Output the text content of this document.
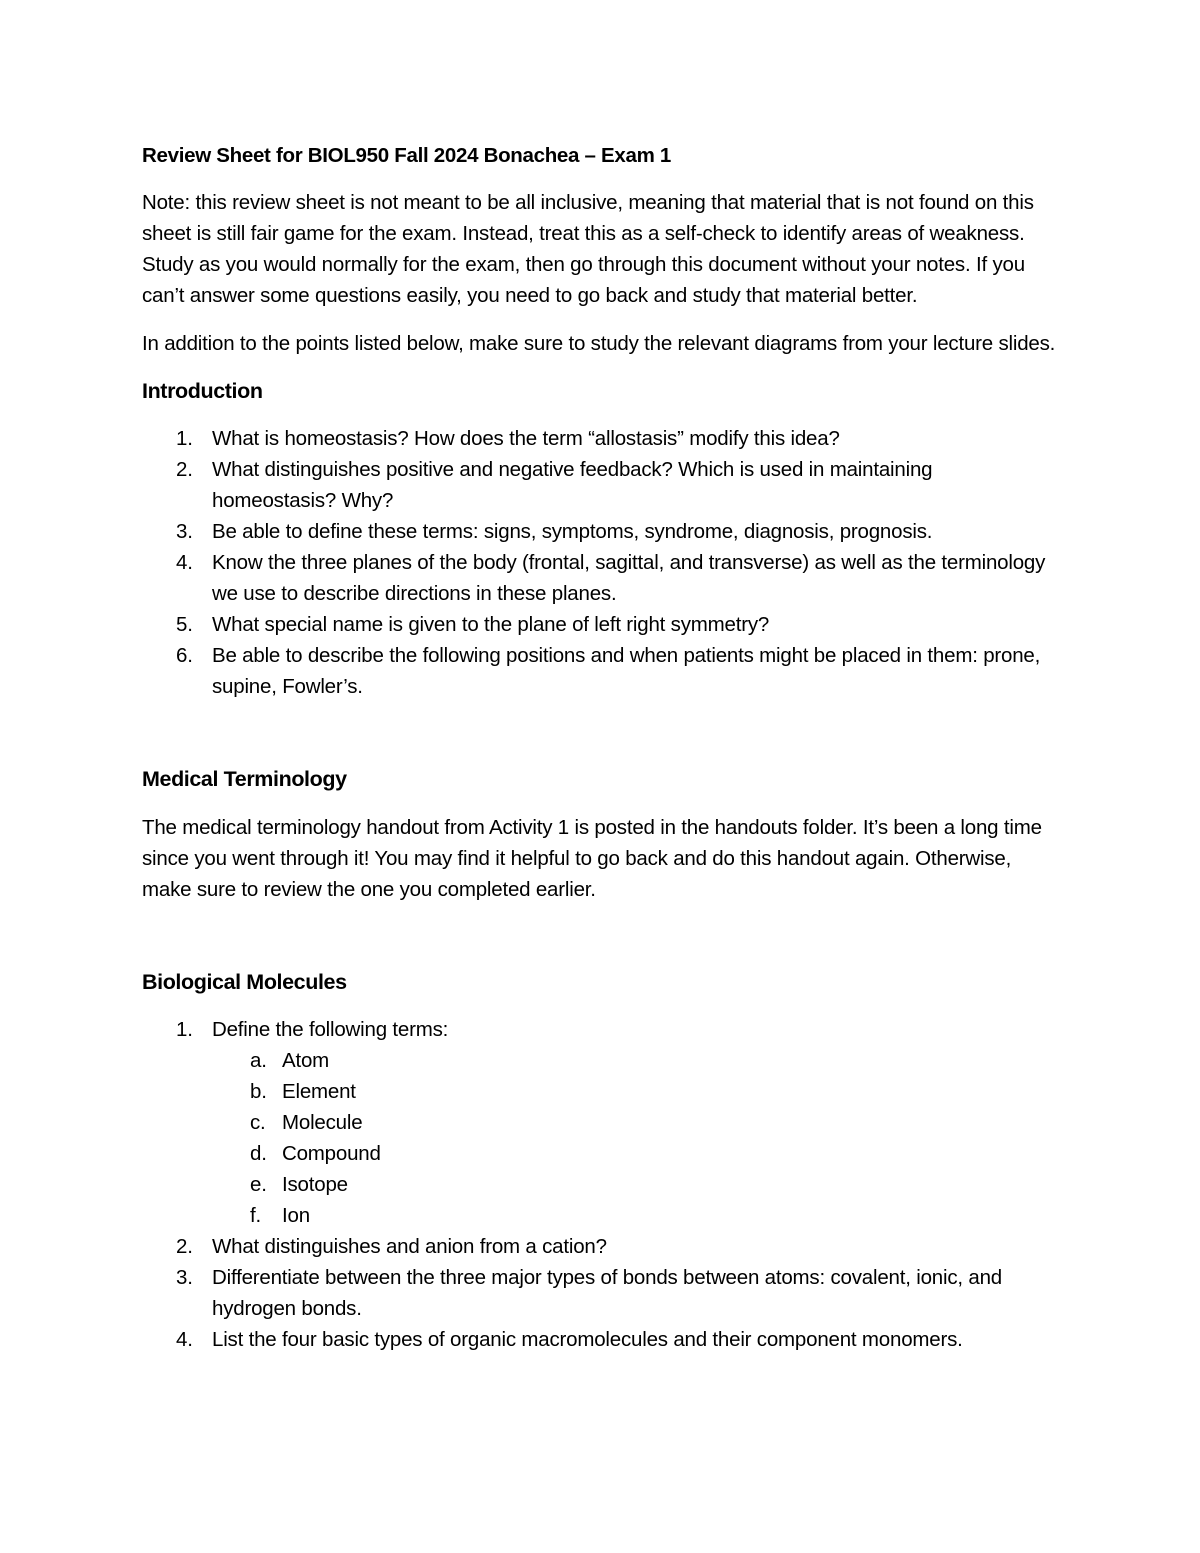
Review Sheet for BIOL950 Fall 2024 Bonachea – Exam 1

Note: this review sheet is not meant to be all inclusive, meaning that material that is not found on this sheet is still fair game for the exam. Instead, treat this as a self-check to identify areas of weakness. Study as you would normally for the exam, then go through this document without your notes. If you can’t answer some questions easily, you need to go back and study that material better.

In addition to the points listed below, make sure to study the relevant diagrams from your lecture slides.

Introduction
1. What is homeostasis? How does the term “allostasis” modify this idea?
2. What distinguishes positive and negative feedback? Which is used in maintaining homeostasis? Why?
3. Be able to define these terms: signs, symptoms, syndrome, diagnosis, prognosis.
4. Know the three planes of the body (frontal, sagittal, and transverse) as well as the terminology we use to describe directions in these planes.
5. What special name is given to the plane of left right symmetry?
6. Be able to describe the following positions and when patients might be placed in them: prone, supine, Fowler’s.
Medical Terminology

The medical terminology handout from Activity 1 is posted in the handouts folder. It’s been a long time since you went through it! You may find it helpful to go back and do this handout again. Otherwise, make sure to review the one you completed earlier.

Biological Molecules
1. Define the following terms:
a. Atom
b. Element
c. Molecule
d. Compound
e. Isotope
f. Ion
2. What distinguishes and anion from a cation?
3. Differentiate between the three major types of bonds between atoms: covalent, ionic, and hydrogen bonds.
4. List the four basic types of organic macromolecules and their component monomers.
